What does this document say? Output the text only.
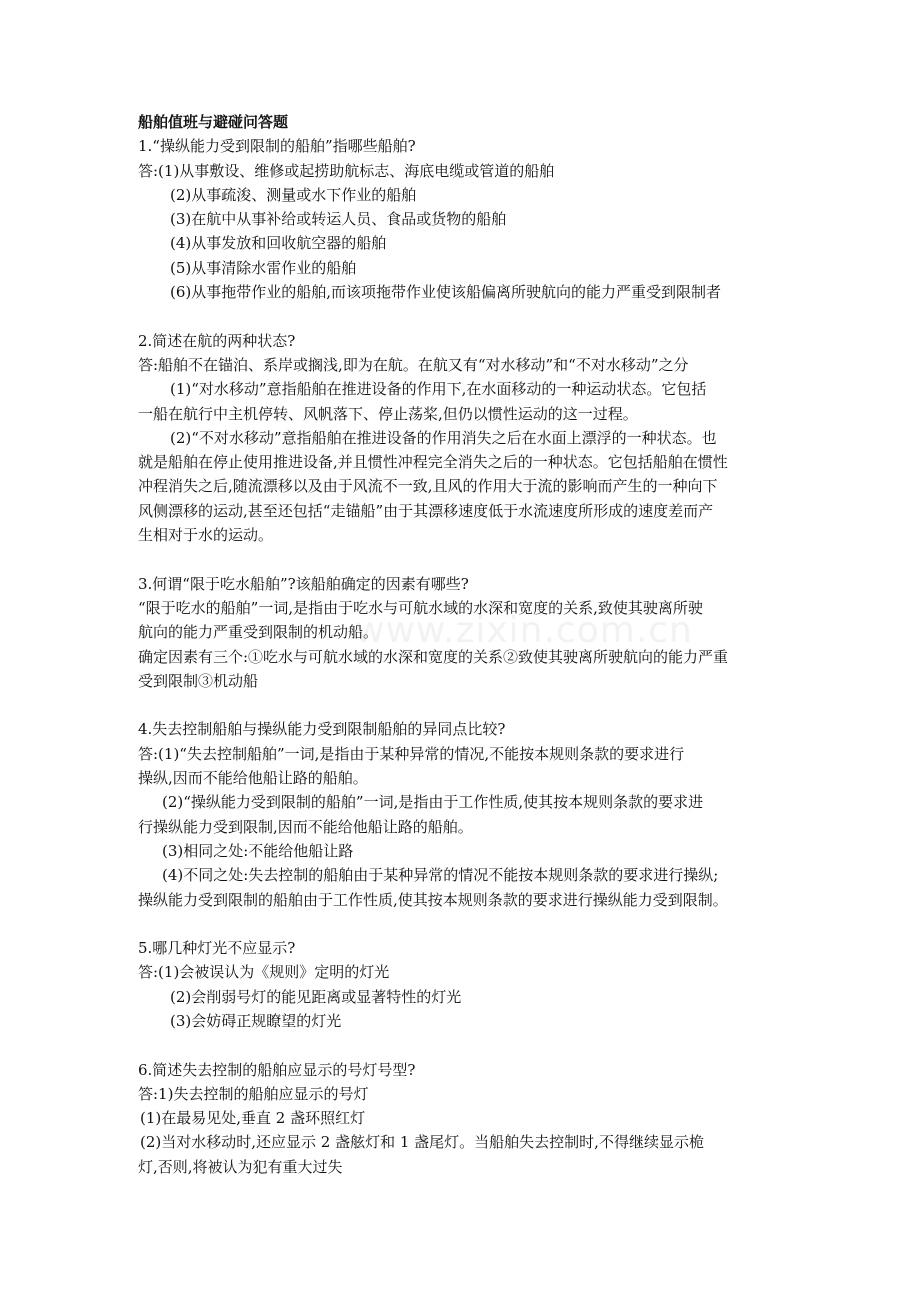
www.zixin.com.cn

船舶值班与避碰问答题

1.“操纵能力受到限制的船舶”指哪些船舶?

答:(1)从事敷设、维修或起捞助航标志、海底电缆或管道的船舶

(2)从事疏浚、测量或水下作业的船舶

(3)在航中从事补给或转运人员、食品或货物的船舶

(4)从事发放和回收航空器的船舶

(5)从事清除水雷作业的船舶

(6)从事拖带作业的船舶,而该项拖带作业使该船偏离所驶航向的能力严重受到限制者

2.简述在航的两种状态?

答:船舶不在锚泊、系岸或搁浅,即为在航。在航又有“对水移动”和“不对水移动”之分

(1)“对水移动”意指船舶在推进设备的作用下,在水面移动的一种运动状态。它包括

一船在航行中主机停转、风帆落下、停止荡桨,但仍以惯性运动的这一过程。

(2)“不对水移动”意指船舶在推进设备的作用消失之后在水面上漂浮的一种状态。也

就是船舶在停止使用推进设备,并且惯性冲程完全消失之后的一种状态。它包括船舶在惯性

冲程消失之后,随流漂移以及由于风流不一致,且风的作用大于流的影响而产生的一种向下

风侧漂移的运动,甚至还包括“走锚船”由于其漂移速度低于水流速度所形成的速度差而产

生相对于水的运动。

3.何谓“限于吃水船舶”?该船舶确定的因素有哪些?

“限于吃水的船舶”一词,是指由于吃水与可航水域的水深和宽度的关系,致使其驶离所驶

航向的能力严重受到限制的机动船。

确定因素有三个:①吃水与可航水域的水深和宽度的关系②致使其驶离所驶航向的能力严重

受到限制③机动船

4.失去控制船舶与操纵能力受到限制船舶的异同点比较?

答:(1)“失去控制船舶”一词,是指由于某种异常的情况,不能按本规则条款的要求进行

操纵,因而不能给他船让路的船舶。

(2)“操纵能力受到限制的船舶”一词,是指由于工作性质,使其按本规则条款的要求进

行操纵能力受到限制,因而不能给他船让路的船舶。

(3)相同之处:不能给他船让路

(4)不同之处:失去控制的船舶由于某种异常的情况不能按本规则条款的要求进行操纵;

操纵能力受到限制的船舶由于工作性质,使其按本规则条款的要求进行操纵能力受到限制。

5.哪几种灯光不应显示?

答:(1)会被误认为《规则》定明的灯光

(2)会削弱号灯的能见距离或显著特性的灯光

(3)会妨碍正规瞭望的灯光

6.简述失去控制的船舶应显示的号灯号型?

答:1)失去控制的船舶应显示的号灯

(1)在最易见处,垂直 2 盏环照红灯

(2)当对水移动时,还应显示 2 盏舷灯和 1 盏尾灯。当船舶失去控制时,不得继续显示桅

灯,否则,将被认为犯有重大过失
